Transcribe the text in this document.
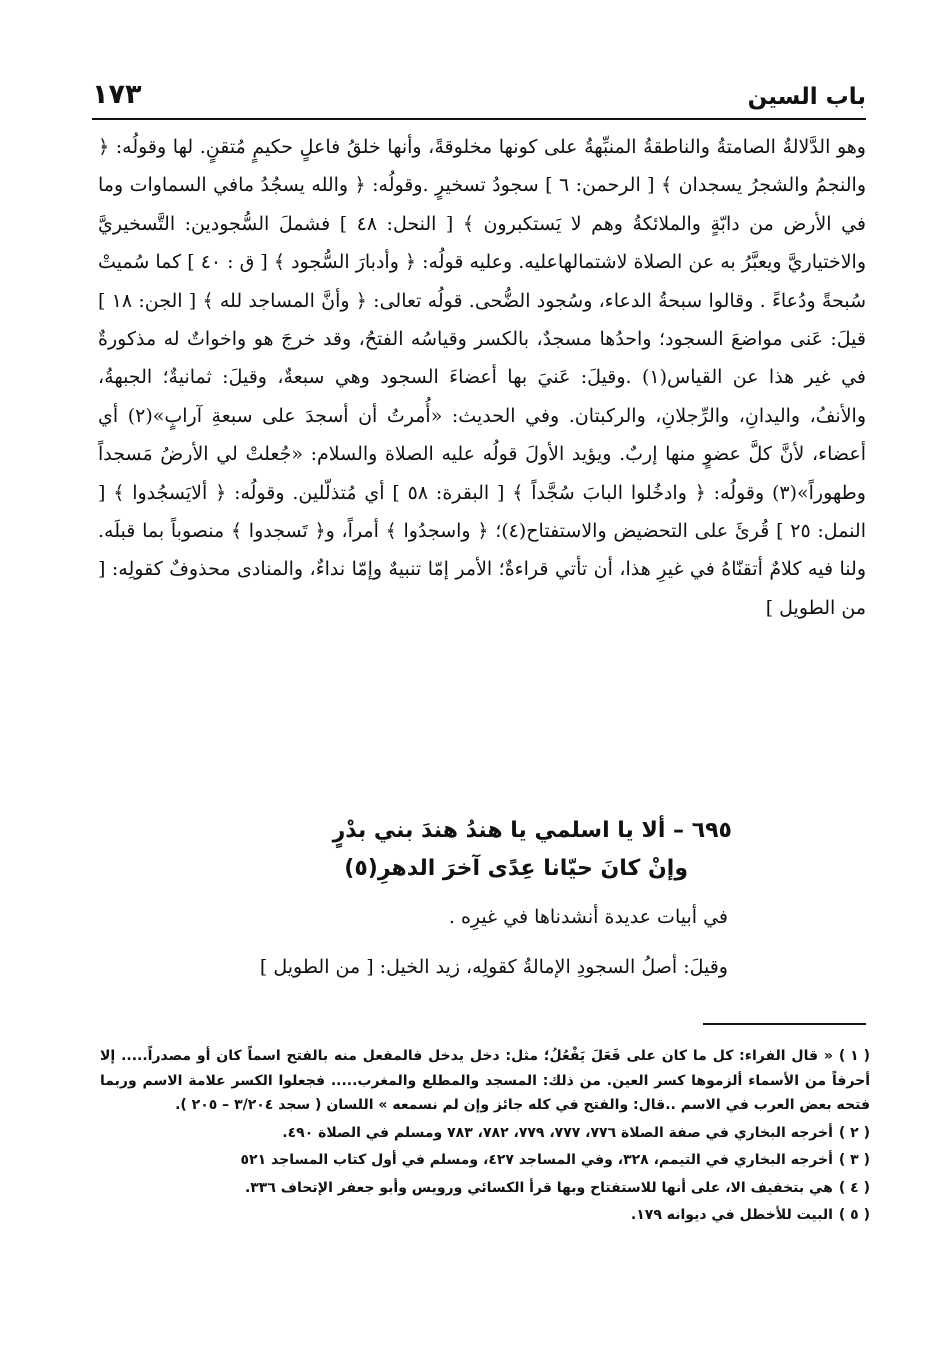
باب السين
١٧٣

وهو الدَّلالةُ الصامتةُ والناطقةُ المنبِّهةُ على كونها مخلوقةً، وأنها خلقُ فاعلٍ حكيمٍ مُتقنٍ. لها وقولُه: ﴿ والنجمُ والشجرُ يسجدان ﴾ [ الرحمن: ٦ ] سجودُ تسخيرٍ .وقولُه: ﴿ والله يسجُدُ مافي السماوات وما في الأرض من دابّةٍ والملائكةُ وهم لا يَستكبرون ﴾ [ النحل: ٤٨ ] فشملَ السُّجودين: التَّسخيريَّ والاختياريَّ ويعبَّرُ به عن الصلاة لاشتمالهاعليه. وعليه قولُه: ﴿ وأدبارَ السُّجود ﴾ [ ق : ٤٠ ] كما سُميتْ سُبحةً ودُعاءً . وقالوا سبحةُ الدعاء، وسُجود الضُّحى. قولُه تعالى: ﴿ وأنَّ المساجد لله ﴾ [ الجن: ١٨ ] قيلَ: عَنى مواضعَ السجود؛ واحدُها مسجدٌ، بالكسر وقياسُه الفتحُ، وقد خرجَ هو واخواتٌ له مذكورةٌ في غير هذا عن القياس(١) .وقيلَ: عَنيَ بها أعضاءَ السجود وهي سبعةٌ، وقيلَ: ثمانيةٌ؛ الجبهةُ، والأنفُ، واليدانِ، والرِّجلانِ، والركبتان. وفي الحديث: «أُمرتُ أن أسجدَ على سبعةِ آرابٍ»(٢) أي أعضاء، لأنَّ كلَّ عضوٍ منها إربٌ. ويؤيد الأولَ قولُه عليه الصلاة والسلام: «جُعلتْ لي الأرضُ مَسجداً وطهوراً»(٣) وقولُه: ﴿ وادخُلوا البابَ سُجَّداً ﴾ [ البقرة: ٥٨ ] أي مُتذلّلين. وقولُه: ﴿ ألايَسجُدوا ﴾ [ النمل: ٢٥ ] قُرئَ على التحضيض والاستفتاح(٤)؛ ﴿ واسجدُوا ﴾ أمراً، و﴿ تَسجدوا ﴾ منصوباً بما قبلَه. ولنا فيه كلامٌ أتقنّاهُ في غيرِ هذا، أن تأتي قراءةٌ؛ الأمر إمّا تنبيهٌ وإمّا نداءٌ، والمنادى محذوفٌ كقولِه: [ من الطويل ]

٦٩٥ – ألا يا اسلمي يا هندُ هندَ بني بدْرٍ
وإنْ كانَ حيّانا عِدًى آخرَ الدهرِ(٥)
في أبيات عديدة أنشدناها في غيرِه .
وقيلَ: أصلُ السجودِ الإمالةُ كقولِه، زيد الخيل: [ من الطويل ]

( ١ )« قال الفراء: كل ما كان على فَعَلَ يَفْعُلُ؛ مثل: دخل يدخل فالمفعل منه بالفتح اسماً كان أو مصدراً..... إلا أحرفاً من الأسماء ألزموها كسر العين. من ذلك: المسجد والمطلع والمغرب..... فجعلوا الكسر علامة الاسم وربما فتحه بعض العرب في الاسم ..قال: والفتح في كله جائز وإن لم نسمعه » اللسان ( سجد ٣/٢٠٤ – ٢٠٥ ).

( ٢ )أخرجه البخاري في صفة الصلاة ٧٧٦، ٧٧٧، ٧٧٩، ٧٨٢، ٧٨٣ ومسلم في الصلاة ٤٩٠.

( ٣ )أخرجه البخاري في التيمم، ٣٢٨، وفي المساجد ٤٢٧، ومسلم في أول كتاب المساجد ٥٢١

( ٤ )هي بتخفيف الا، على أنها للاستفتاح وبها قرأ الكسائي ورويس وأبو جعفر الإتحاف ٣٣٦.

( ٥ )البيت للأخطل في ديوانه ١٧٩.
